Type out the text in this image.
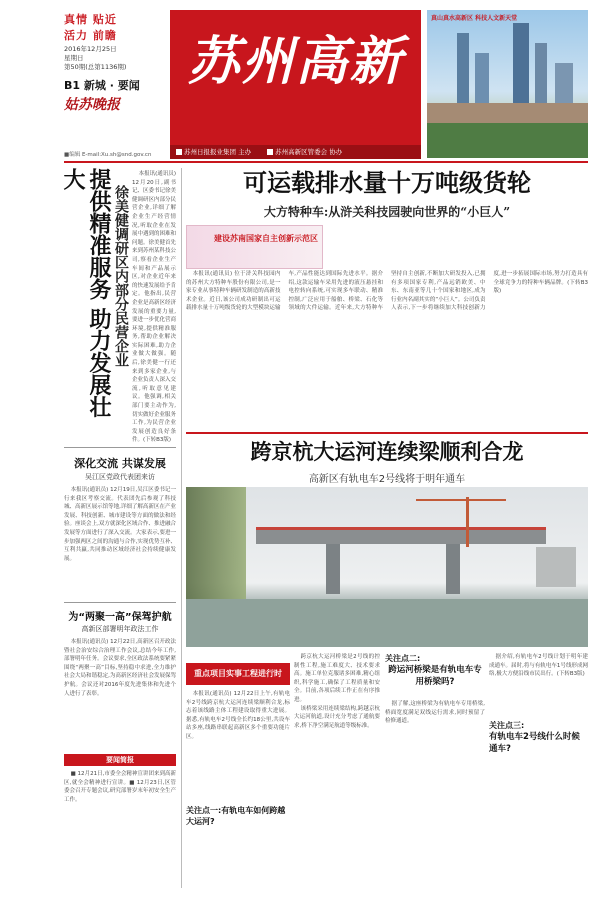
真情 贴近
活力 前瞻
2016年12月25日
星期日
第50期(总第1136期)
B1 新城 · 要闻
姑苏晚报
苏州高新
苏州日报报业集团 主办	苏州高新区管委会 协办
真山真水高新区 科技人文新天堂
■编辑 E-mail:Xu.sh@snd.gov.cn
提供精准服务 助力发展壮大
徐美健调研区内部分民营企业

本报讯(通讯员) 12月20日,副书记、区委书记徐美健调研区内部分民营企业,详细了解企业生产经营情况,听取企业在发展中遇到的困难和问题。徐美健首先来到苏州某科技公司,察看企业生产车间和产品展示区,对企业近年来的快速发展给予肯定。他指出,民营企业是高新区经济发展的重要力量,要进一步优化营商环境,提供精准服务,帮助企业解决实际困难,助力企业做大做强。随后,徐美健一行还来到多家企业,与企业负责人深入交流,听取意见建议。他强调,相关部门要主动作为,切实做好企业服务工作,为民营企业发展创造良好条件。(下转B3版)

深化交流 共谋发展
吴江区党政代表团来访

本报讯(通讯员) 12月19日,吴江区委书记一行来我区考察交流。代表团先后参观了科技城、高新区展示馆等地,详细了解高新区在产业发展、科技创新、城市建设等方面的做法和经验。座谈会上,双方就深化区域合作、推进融合发展等方面进行了深入交流。大家表示,要进一步加强两区之间的沟通与合作,实现优势互补、互利共赢,共同推动区域经济社会持续健康发展。

为“两聚一高”保驾护航
高新区部署明年政法工作

本报讯(通讯员) 12月22日,高新区召开政法暨社会治安综合治理工作会议,总结今年工作,部署明年任务。会议要求,全区政法系统要紧紧围绕“两聚一高”目标,坚持稳中求进,全力维护社会大局和谐稳定,为高新区经济社会发展保驾护航。会议还对2016年度先进集体和先进个人进行了表彰。

要闻简报

■ 12月21日,市委全会精神宣讲团来到高新区,就全会精神进行宣讲。■ 12月23日,区管委会召开专题会议,研究部署岁末年初安全生产工作。

可运载排水量十万吨级货轮
大方特种车:从浒关科技园驶向世界的“小巨人”
建设苏南国家自主创新示范区

本报讯(通讯员) 位于浒关科技园内的苏州大方特种车股份有限公司,是一家专业从事特种车辆研发制造的高新技术企业。近日,该公司成功研制出可运载排水量十万吨级货轮的大型模块运输车,产品性能达到国际先进水平。据介绍,这款运输车采用先进的液压悬挂和电控转向系统,可实现多车联动、精准控制,广泛应用于船舶、桥梁、石化等领域的大件运输。近年来,大方特种车坚持自主创新,不断加大研发投入,已拥有多项国家专利,产品远销欧美、中东、东南亚等几十个国家和地区,成为行业内名副其实的“小巨人”。公司负责人表示,下一步将继续加大科技创新力度,进一步拓展国际市场,努力打造具有全球竞争力的特种车辆品牌。(下转B3版)

跨京杭大运河连续梁顺利合龙
高新区有轨电车2号线将于明年通车
重点项目实事工程进行时

本报讯(通讯员) 12月22日上午,有轨电车2号线跨京杭大运河连续梁顺利合龙,标志着该线路主体工程建设取得重大进展。据悉,有轨电车2号线全长约18公里,共设车站多座,线路串联起高新区多个重要功能片区。

关注点一:有轨电车如何跨越大运河?

跨京杭大运河桥梁是2号线的控制性工程,施工难度大、技术要求高。施工单位克服诸多困难,精心组织,科学施工,确保了工程质量和安全。目前,各项后续工作正在有序推进。

该桥梁采用连续梁结构,跨越京杭大运河航道,设计充分考虑了通航要求,桥下净空满足航道等级标准。

关注点二:
跨运河桥梁是有轨电车专用桥梁吗?

据了解,这座桥梁为有轨电车专用桥梁,桥面宽度满足双线运行需求,同时预留了检修通道。

据介绍,有轨电车2号线计划于明年建成通车。届时,将与有轨电车1号线形成网络,极大方便沿线市民出行。(下转B3版)

关注点三:
有轨电车2号线什么时候通车?
